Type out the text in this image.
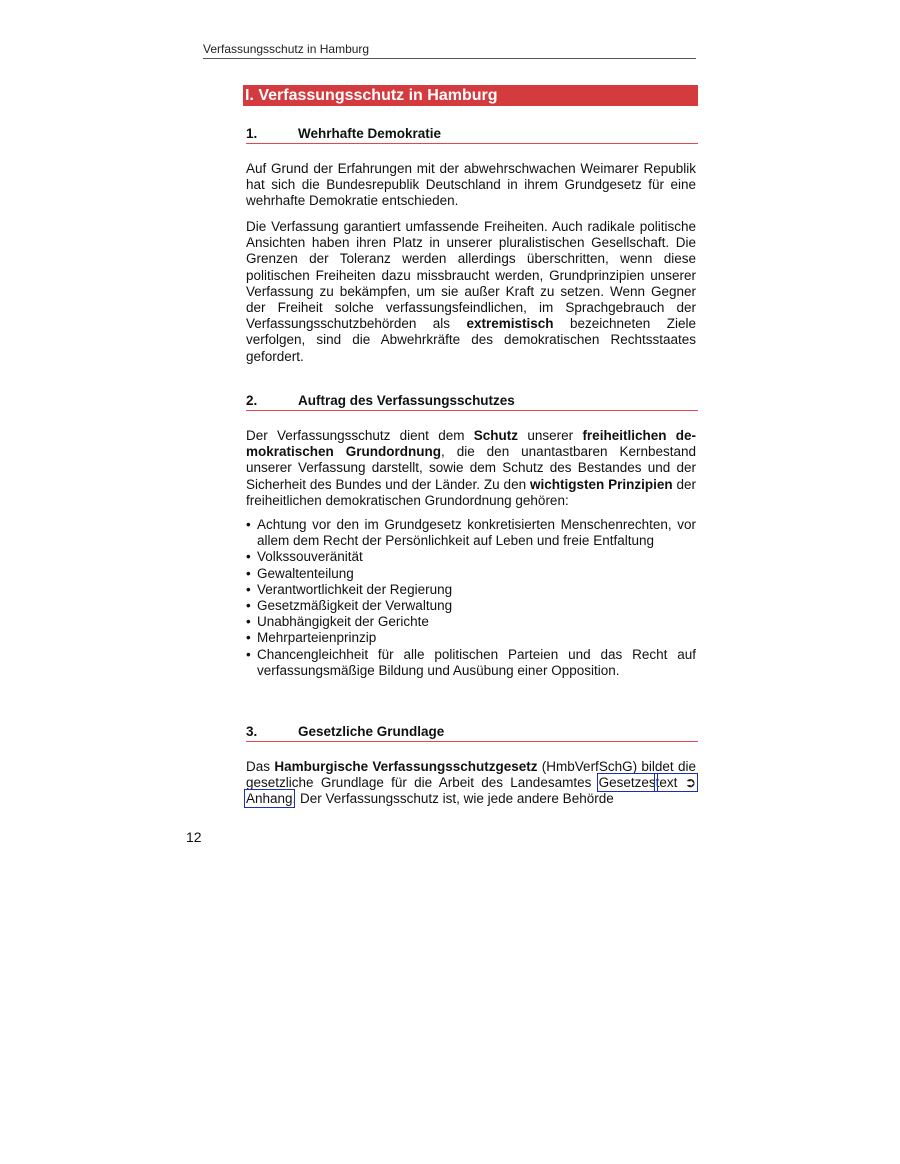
Verfassungsschutz in Hamburg
I. Verfassungsschutz in Hamburg
1.	Wehrhafte Demokratie

Auf Grund der Erfahrungen mit der abwehrschwachen Weimarer Republik hat sich die Bundesrepublik Deutschland in ihrem Grundgesetz für eine wehrhafte Demokratie entschieden.

Die Verfassung garantiert umfassende Freiheiten. Auch radikale politische Ansichten haben ihren Platz in unserer pluralistischen Gesellschaft. Die Grenzen der Toleranz werden allerdings überschritten, wenn diese politischen Freiheiten dazu missbraucht werden, Grundprinzipien unserer Verfassung zu bekämpfen, um sie außer Kraft zu setzen. Wenn Gegner der Freiheit solche verfassungsfeindlichen, im Sprachgebrauch der Verfassungsschutzbehörden als extremistisch bezeichneten Ziele verfolgen, sind die Abwehrkräfte des demokratischen Rechtsstaates gefordert.

2.	Auftrag des Verfassungsschutzes

Der Verfassungsschutz dient dem Schutz unserer freiheitlichen demokratischen Grundordnung, die den unantastbaren Kernbestand unserer Verfassung darstellt, sowie dem Schutz des Bestandes und der Sicherheit des Bundes und der Länder. Zu den wichtigsten Prinzipien der freiheitlichen demokratischen Grundordnung gehören:

• Achtung vor den im Grundgesetz konkretisierten Menschenrechten, vor allem dem Recht der Persönlichkeit auf Leben und freie Entfaltung
• Volkssouveränität
• Gewaltenteilung
• Verantwortlichkeit der Regierung
• Gesetzmäßigkeit der Verwaltung
• Unabhängigkeit der Gerichte
• Mehrparteienprinzip
• Chancengleichheit für alle politischen Parteien und das Recht auf verfassungsmäßige Bildung und Ausübung einer Opposition.
3.	Gesetzliche Grundlage

Das Hamburgische Verfassungsschutzgesetz (HmbVerfSchG) bildet die gesetzliche Grundlage für die Arbeit des Landesamtes Gesetzestext ➲ Anhang. Der Verfassungsschutz ist, wie jede andere Behörde

12
